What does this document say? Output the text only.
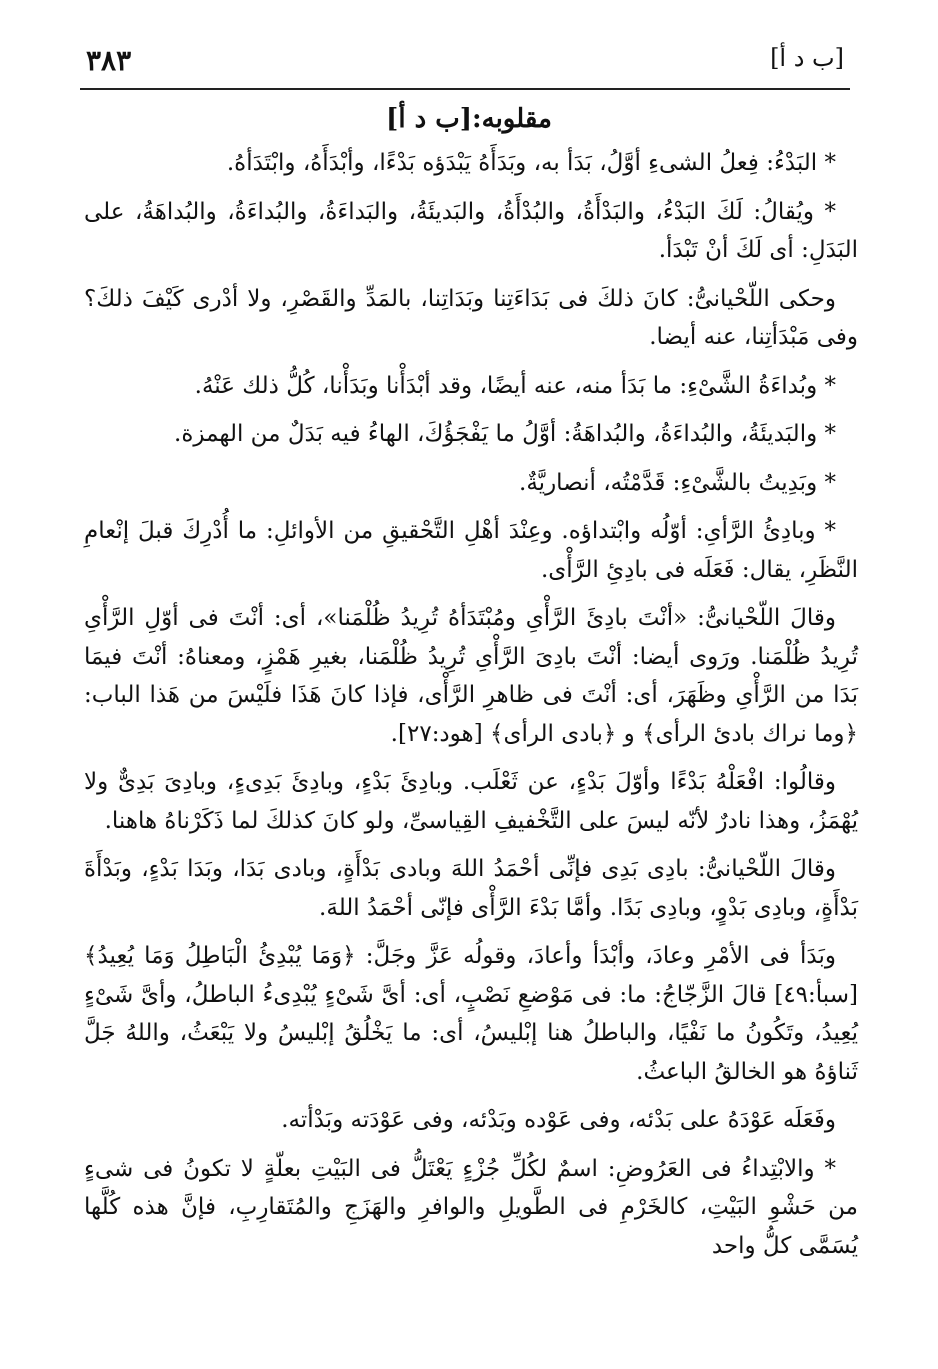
[ب د أ]
٣٨٣
مقلوبه:[ب د أ]

* البَدْءُ: فِعلُ الشىءِ أوَّلُ، بَدَأ به، وبَدَأَهُ يَبْدَؤه بَدْءًا، وأبْدَأَهُ، وابْتَدَأهُ.

* ويُقالُ: لَكَ البَدْءُ، والبَدْأَةُ، والبُدْأَةُ، والبَديئَةُ، والبَداءَةُ، والبُداءَةُ، والبُداهَةُ، على البَدَلِ: أى لَكَ أنْ تَبْدَأ.

وحكى اللّحْيانىُّ: كانَ ذلكَ فى بَدَاءَتِنا وبَدَاتِنا، بالمَدِّ والقَصْرِ، ولا أدْرى كَيْفَ ذلكَ؟ وفى مَبْدَأتِنا، عنه أيضا.

* وبُداءَةُ الشَّىْءِ: ما بَدَأ منه، عنه أيضًا، وقد أبْدَأْنا وبَدَأْنا، كُلُّ ذلك عَنْهُ.

* والبَديئَةُ، والبُداءَةُ، والبُداهَةُ: أوَّلُ ما يَفْجَؤُكَ، الهاءُ فيه بَدَلٌ من الهمزة.

* وبَدِيتُ بالشَّىْءِ: قَدَّمْتُه، أنصاريَّةٌ.

* وبادِئُ الرَّأىِ: أوّلُه وابْتداؤه. وعِنْدَ أهْلِ التَّحْقيقِ من الأوائلِ: ما أُدْرِكَ قبلَ إنْعامِ النَّظَرِ، يقال: فَعَلَه فى بادِئِ الرَّأْى.

وقالَ اللّحْيانىُّ: «أنْتَ بادِئَ الرَّأْىِ ومُبْتَدَأهُ تُرِيدُ ظُلْمَنا»، أى: أنْتَ فى أوّلِ الرَّأْىِ تُرِيدُ ظُلْمَنا. ورَوى أيضا: أنْتَ بادِىَ الرَّأْىِ تُرِيدُ ظُلْمَنا، بغيرِ هَمْزٍ، ومعناهُ: أنْتَ فيمَا بَدَا من الرَّأْىِ وظَهَرَ، أى: أنْتَ فى ظاهرِ الرَّأْى، فإذا كانَ هَذَا فلَيْسَ من هَذا الباب: ﴿وما نراك بادئ الرأى﴾ و ﴿بادى الرأى﴾ [هود:٢٧].

وقالُوا: افْعَلْهُ بَدْءًا وأوّلَ بَدْءٍ، عن ثَعْلَب. وبادِئَ بَدْءٍ، وبادِئَ بَدِىءٍ، وبادِىَ بَدِىٌّ ولا يُهْمَزُ، وهذا نادرٌ لأنّه ليسَ على التَّخْفيفِ القِياسىِّ، ولو كانَ كذلكَ لما ذَكَرْناهُ هاهنا.

وقالَ اللّحْيانىُّ: بادِى بَدِى فإنِّى أحْمَدُ اللهَ وبادى بَدْأَةٍ، وبادى بَدَا، وبَدَا بَدْءٍ، وبَدْأَةَ بَدْأَةٍ، وبادِى بَدْوٍ، وبادِى بَدًا. وأمَّا بَدْءَ الرَّأْى فإنّى أحْمَدُ اللهَ.

وبَدَأ فى الأمْرِ وعادَ، وأبْدَأ وأعادَ، وقولُه عَزَّ وجَلَّ: ﴿وَمَا يُبْدِئُ الْبَاطِلُ وَمَا يُعِيدُ﴾ [سبأ:٤٩] قالَ الزَّجّاجُ: ما: فى مَوْضعِ نَصْبٍ، أى: أىَّ شَىْءٍ يُبْدِىءُ الباطلُ، وأىَّ شَىْءٍ يُعِيدُ، وتَكُونُ ما نَفْيًا، والباطلُ هنا إبْليسُ، أى: ما يَخْلُقُ إبْليسُ ولا يَبْعَثُ، واللهُ جَلَّ ثَناؤهُ هو الخالقُ الباعثُ.

وفَعَلَه عَوْدَهُ على بَدْئه، وفى عَوْده وبَدْئه، وفى عَوْدَته وبَدْأته.

* والابْتِداءُ فى العَرُوضِ: اسمٌ لكُلِّ جُزْءٍ يَعْتَلُّ فى البَيْتِ بعلّةٍ لا تكونُ فى شىءٍ من حَشْوِ البَيْتِ، كالخَرْمِ فى الطَّويلِ والوافرِ والهَزَجِ والمُتَقارِبِ، فإنَّ هذه كُلَّها يُسَمَّى كلُّ واحد
